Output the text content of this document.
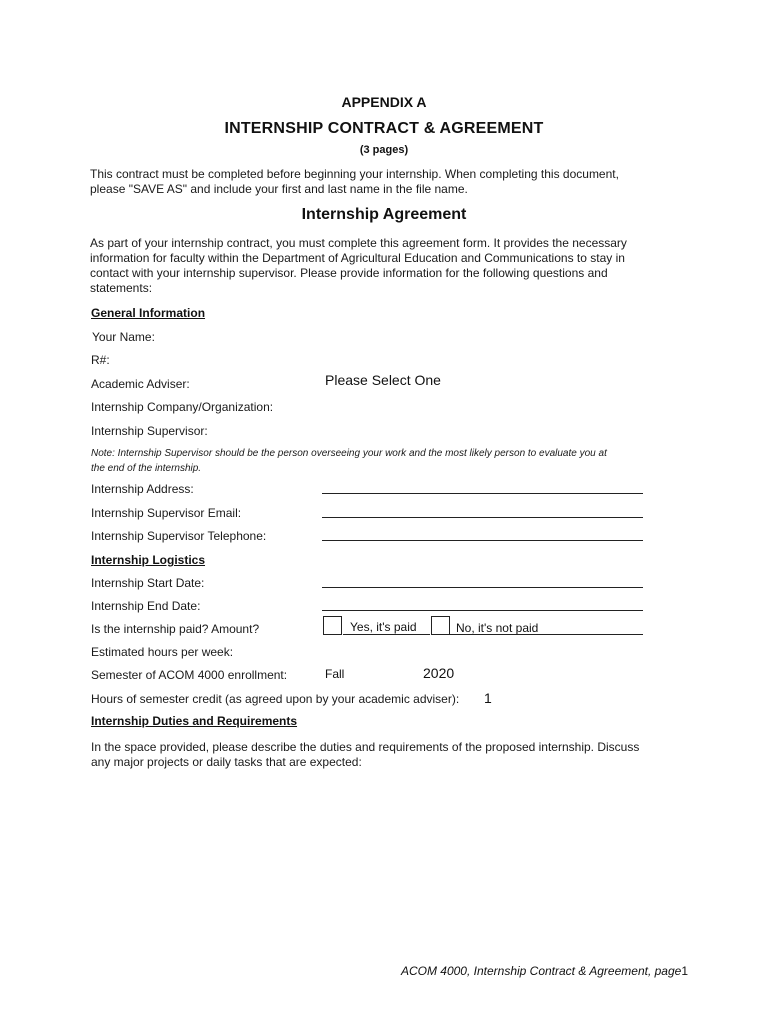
APPENDIX A
INTERNSHIP CONTRACT & AGREEMENT
(3 pages)
This contract must be completed before beginning your internship. When completing this document,
please "SAVE AS" and include your first and last name in the file name.
Internship Agreement
As part of your internship contract, you must complete this agreement form. It provides the necessary
information for faculty within the Department of Agricultural Education and Communications to stay in
contact with your internship supervisor. Please provide information for the following questions and
statements:
General Information
Your Name:
R#:
Academic Adviser:	Please Select One
Internship Company/Organization:
Internship Supervisor:
Note: Internship Supervisor should be the person overseeing your work and the most likely person to evaluate you at
the end of the internship.
Internship Address:
Internship Supervisor Email:
Internship Supervisor Telephone:
Internship Logistics
Internship Start Date:
Internship End Date:
Is the internship paid? Amount?	Yes, it's paid	No, it's not paid
Estimated hours per week:
Semester of ACOM 4000 enrollment:	Fall	2020
Hours of semester credit (as agreed upon by your academic adviser): 1
Internship Duties and Requirements
In the space provided, please describe the duties and requirements of the proposed internship. Discuss
any major projects or daily tasks that are expected:
ACOM 4000, Internship Contract & Agreement, page1
